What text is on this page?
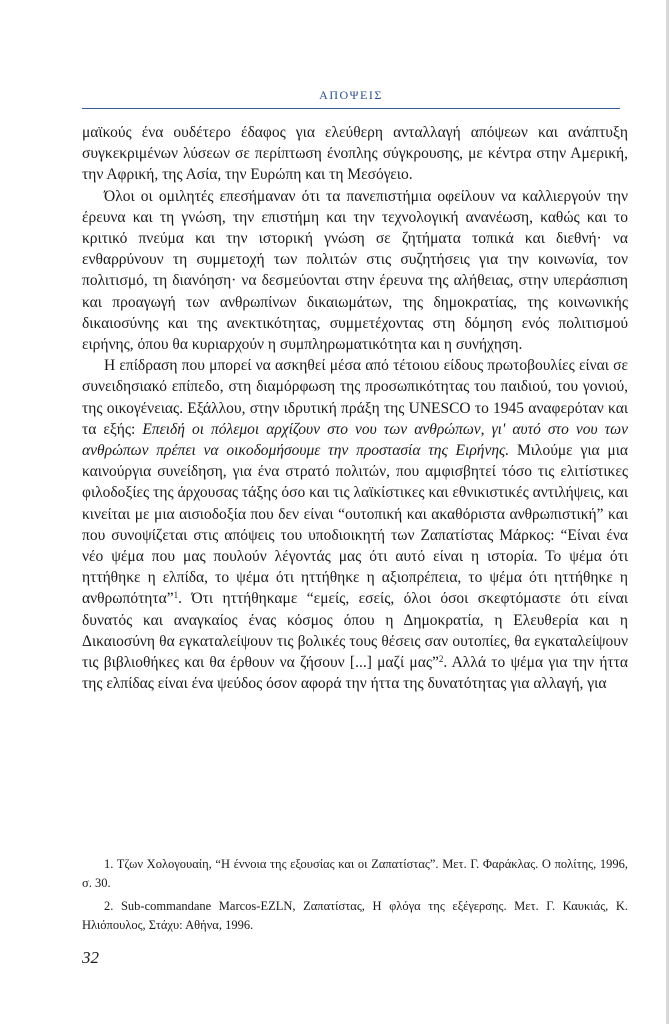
ΑΠΟΨΕΙΣ

μαϊκούς ένα ουδέτερο έδαφος για ελεύθερη ανταλλαγή απόψεων και ανάπτυξη συγκεκριμένων λύσεων σε περίπτωση ένοπλης σύγκρουσης, με κέντρα στην Αμερική, την Αφρική, της Ασία, την Ευρώπη και τη Μεσόγειο.

Όλοι οι ομιλητές επεσήμαναν ότι τα πανεπιστήμια οφείλουν να καλλιεργούν την έρευνα και τη γνώση, την επιστήμη και την τεχνολογική ανανέωση, καθώς και το κριτικό πνεύμα και την ιστορική γνώση σε ζητήματα τοπικά και διεθνή· να ενθαρρύνουν τη συμμετοχή των πολιτών στις συζητήσεις για την κοινωνία, τον πολιτισμό, τη διανόηση· να δεσμεύονται στην έρευνα της αλήθειας, στην υπεράσπιση και προαγωγή των ανθρωπίνων δικαιωμάτων, της δημοκρατίας, της κοινωνικής δικαιοσύνης και της ανεκτικότητας, συμμετέχοντας στη δόμηση ενός πολιτισμού ειρήνης, όπου θα κυριαρχούν η συμπληρωματικότητα και η συνήχηση.

Η επίδραση που μπορεί να ασκηθεί μέσα από τέτοιου είδους πρωτοβουλίες είναι σε συνειδησιακό επίπεδο, στη διαμόρφωση της προσωπικότητας του παιδιού, του γονιού, της οικογένειας. Εξάλλου, στην ιδρυτική πράξη της UNESCO το 1945 αναφερόταν και τα εξής: Επειδή οι πόλεμοι αρχίζουν στο νου των ανθρώπων, γι' αυτό στο νου των ανθρώπων πρέπει να οικοδομήσουμε την προστασία της Ειρήνης. Μιλούμε για μια καινούργια συνείδηση, για ένα στρατό πολιτών, που αμφισβητεί τόσο τις ελιτίστικες φιλοδοξίες της άρχουσας τάξης όσο και τις λαϊκίστικες και εθνικιστικές αντιλήψεις, και κινείται με μια αισιοδοξία που δεν είναι “ουτοπική και ακαθόριστα ανθρωπιστική” και που συνοψίζεται στις απόψεις του υποδιοικητή των Ζαπατίστας Μάρκος: “Είναι ένα νέο ψέμα που μας πουλούν λέγοντάς μας ότι αυτό είναι η ιστορία. Το ψέμα ότι ηττήθηκε η ελπίδα, το ψέμα ότι ηττήθηκε η αξιοπρέπεια, το ψέμα ότι ηττήθηκε η ανθρωπότητα”$^1$. Ότι ηττήθηκαμε “εμείς, εσείς, όλοι όσοι σκεφτόμαστε ότι είναι δυνατός και αναγκαίος ένας κόσμος όπου η Δημοκρατία, η Ελευθερία και η Δικαιοσύνη θα εγκαταλείψουν τις βολικές τους θέσεις σαν ουτοπίες, θα εγκαταλείψουν τις βιβλιοθήκες και θα έρθουν να ζήσουν [...] μαζί μας”$^2$. Αλλά το ψέμα για την ήττα της ελπίδας είναι ένα ψεύδος όσον αφορά την ήττα της δυνατότητας για αλλαγή, για

1. Τζων Χολογουαίη, “Η έννοια της εξουσίας και οι Ζαπατίστας”. Μετ. Γ. Φαράκλας. Ο πολίτης, 1996, σ. 30.

2. Sub-commandane Marcos-EZLN, Ζαπατίστας, Η φλόγα της εξέγερσης. Μετ. Γ. Καυκιάς, Κ. Ηλιόπουλος, Στάχυ: Αθήνα, 1996.

32
